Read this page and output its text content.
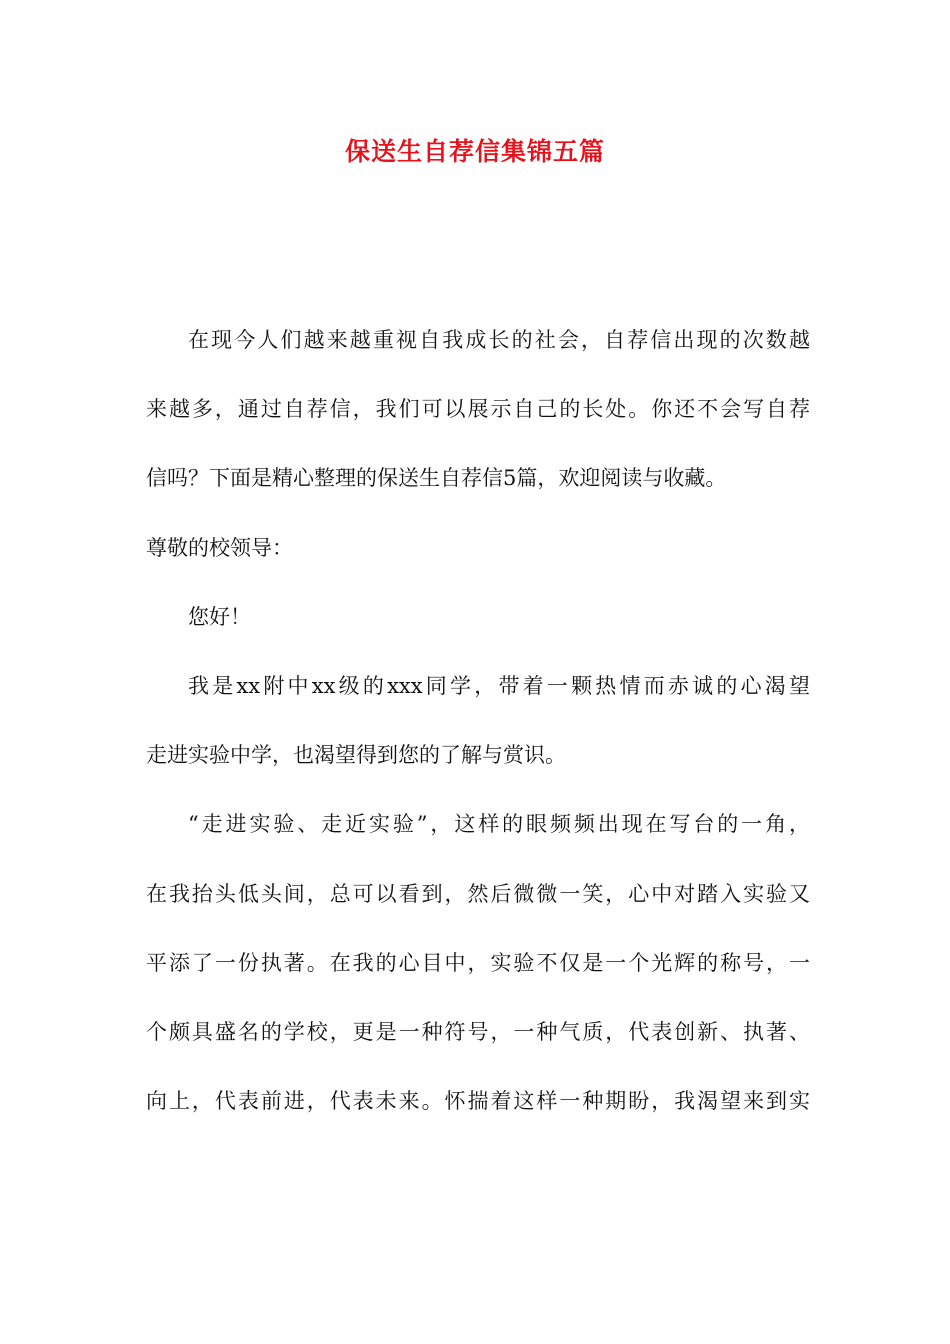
保送生自荐信集锦五篇
在现今人们越来越重视自我成长的社会，自荐信出现的次数越
来越多，通过自荐信，我们可以展示自己的长处。你还不会写自荐
信吗？下面是精心整理的保送生自荐信5篇，欢迎阅读与收藏。
尊敬的校领导：
您好！
我是xx附中xx级的xxx同学，带着一颗热情而赤诚的心渴望
走进实验中学，也渴望得到您的了解与赏识。
“走进实验、走近实验”，这样的眼频频出现在写台的一角，
在我抬头低头间，总可以看到，然后微微一笑，心中对踏入实验又
平添了一份执著。在我的心目中，实验不仅是一个光辉的称号，一
个颇具盛名的学校，更是一种符号，一种气质，代表创新、执著、
向上，代表前进，代表未来。怀揣着这样一种期盼，我渴望来到实
